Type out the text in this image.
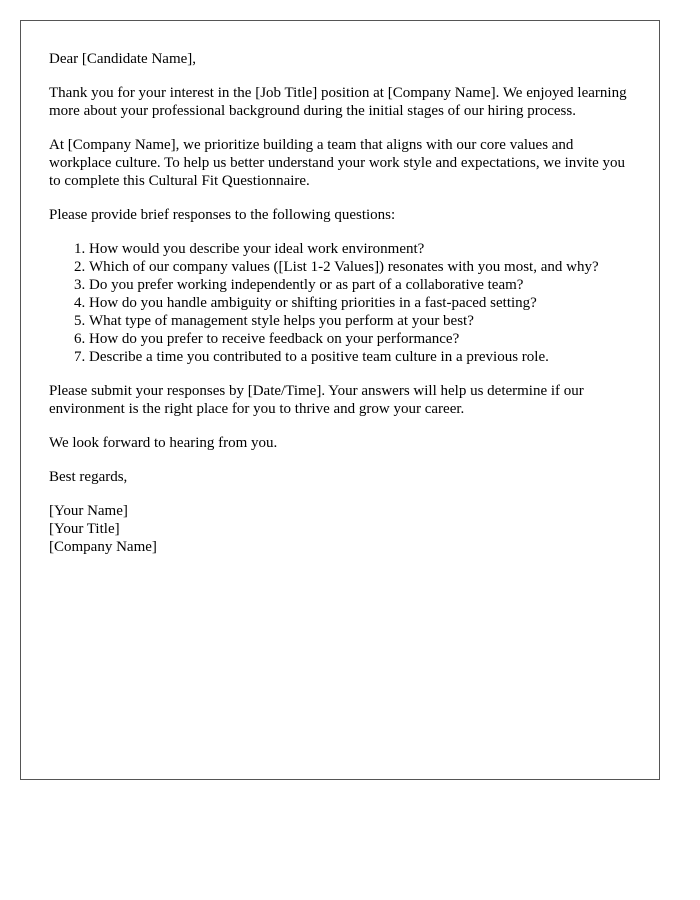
Dear [Candidate Name],

Thank you for your interest in the [Job Title] position at [Company Name]. We enjoyed learning more about your professional background during the initial stages of our hiring process.

At [Company Name], we prioritize building a team that aligns with our core values and workplace culture. To help us better understand your work style and expectations, we invite you to complete this Cultural Fit Questionnaire.

Please provide brief responses to the following questions:

1. How would you describe your ideal work environment?
2. Which of our company values ([List 1-2 Values]) resonates with you most, and why?
3. Do you prefer working independently or as part of a collaborative team?
4. How do you handle ambiguity or shifting priorities in a fast-paced setting?
5. What type of management style helps you perform at your best?
6. How do you prefer to receive feedback on your performance?
7. Describe a time you contributed to a positive team culture in a previous role.

Please submit your responses by [Date/Time]. Your answers will help us determine if our environment is the right place for you to thrive and grow your career.

We look forward to hearing from you.

Best regards,

[Your Name]
[Your Title]
[Company Name]
